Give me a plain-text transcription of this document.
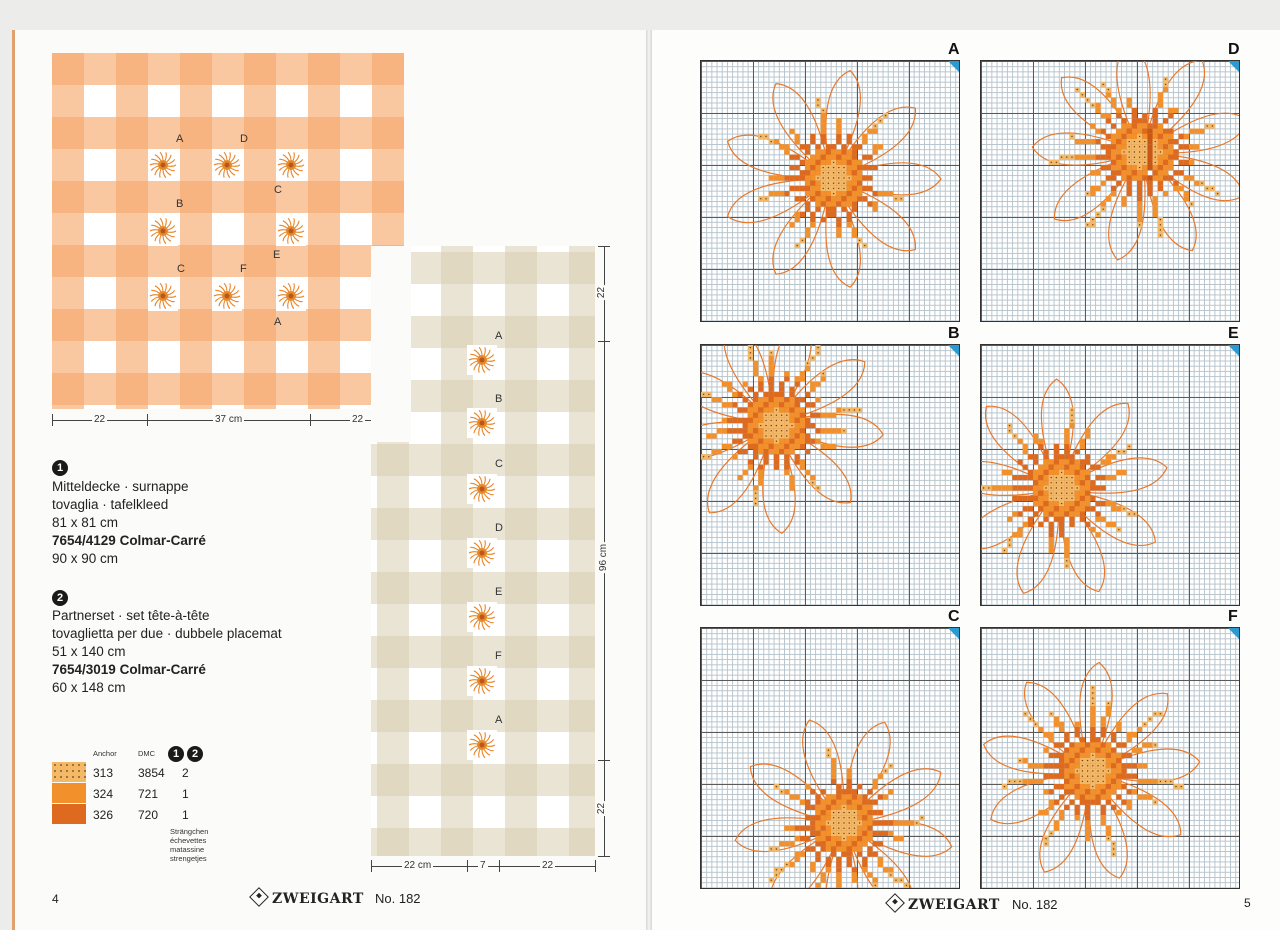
A	D
C
B
E
C	F
A
22	37 cm	22
A
B
C
D
E
F
A
22
96 cm
22
22 cm	7	22
1
Mitteldecke · surnappe
tovaglia · tafelkleed
81 x 81 cm
7654/4129 Colmar-Carré
90 x 90 cm
2
Partnerset · set tête-à-tête
tovaglietta per due · dubbele placemat
51 x 140 cm
7654/3019 Colmar-Carré
60 x 148 cm
Anchor	DMC	1	2
313 3854 2
324 721 1
326 720 1
Strängchen
échevettes
matassine
strengetjes
4	ZWEIGART No. 182
A	D
B	E
C	F
ZWEIGART No. 182	5
